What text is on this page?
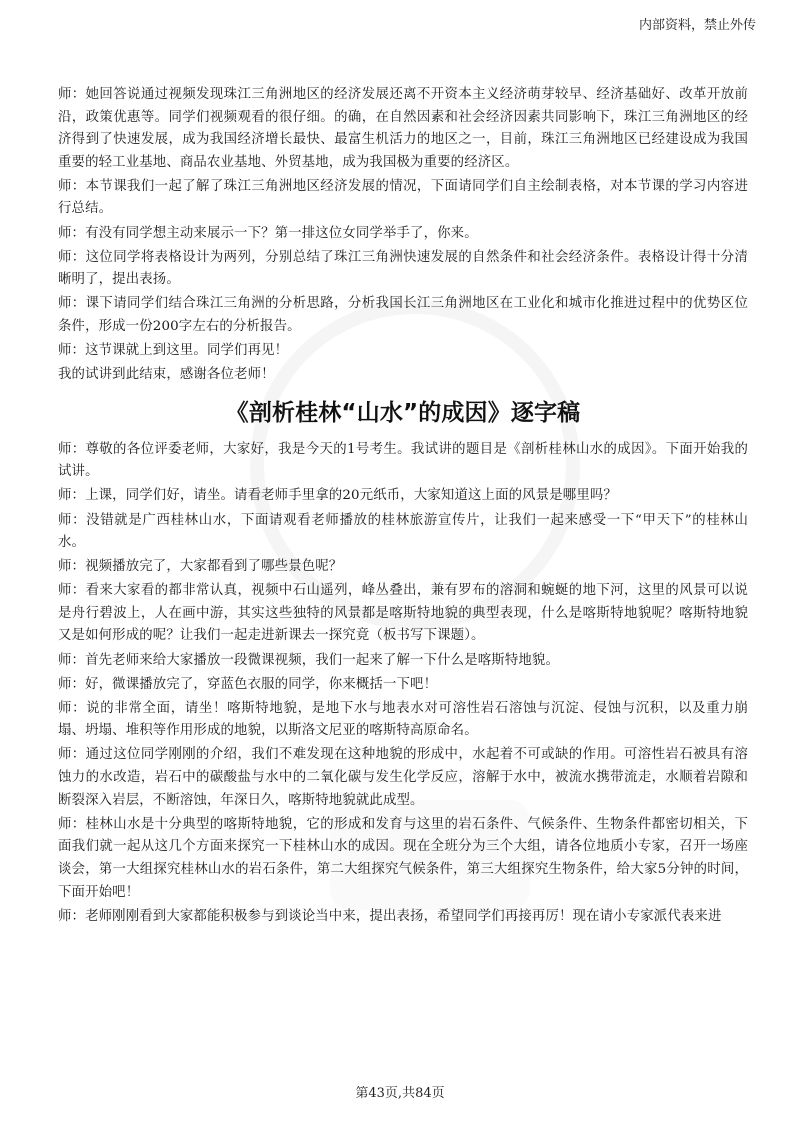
内部资料，禁止外传

师：她回答说通过视频发现珠江三角洲地区的经济发展还离不开资本主义经济萌芽较早、经济基础好、改革开放前沿，政策优惠等。同学们视频观看的很仔细。的确，在自然因素和社会经济因素共同影响下，珠江三角洲地区的经济得到了快速发展，成为我国经济增长最快、最富生机活力的地区之一，目前，珠江三角洲地区已经建设成为我国重要的轻工业基地、商品农业基地、外贸基地，成为我国极为重要的经济区。

师：本节课我们一起了解了珠江三角洲地区经济发展的情况，下面请同学们自主绘制表格，对本节课的学习内容进行总结。

师：有没有同学想主动来展示一下？第一排这位女同学举手了，你来。

师：这位同学将表格设计为两列，分别总结了珠江三角洲快速发展的自然条件和社会经济条件。表格设计得十分清晰明了，提出表扬。

师：课下请同学们结合珠江三角洲的分析思路，分析我国长江三角洲地区在工业化和城市化推进过程中的优势区位条件，形成一份200字左右的分析报告。

师：这节课就上到这里。同学们再见！

我的试讲到此结束，感谢各位老师！

《剖析桂林“山水”的成因》逐字稿

师：尊敬的各位评委老师，大家好，我是今天的1号考生。我试讲的题目是《剖析桂林山水的成因》。下面开始我的试讲。

师：上课，同学们好，请坐。请看老师手里拿的20元纸币，大家知道这上面的风景是哪里吗？

师：没错就是广西桂林山水，下面请观看老师播放的桂林旅游宣传片，让我们一起来感受一下“甲天下”的桂林山水。

师：视频播放完了，大家都看到了哪些景色呢？

师：看来大家看的都非常认真，视频中石山遥列，峰丛叠出，兼有罗布的溶洞和蜿蜒的地下河，这里的风景可以说是舟行碧波上，人在画中游，其实这些独特的风景都是喀斯特地貌的典型表现，什么是喀斯特地貌呢？喀斯特地貌又是如何形成的呢？让我们一起走进新课去一探究竟（板书写下课题）。

师：首先老师来给大家播放一段微课视频，我们一起来了解一下什么是喀斯特地貌。

师：好，微课播放完了，穿蓝色衣服的同学，你来概括一下吧！

师：说的非常全面，请坐！喀斯特地貌，是地下水与地表水对可溶性岩石溶蚀与沉淀、侵蚀与沉积，以及重力崩塌、坍塌、堆积等作用形成的地貌，以斯洛文尼亚的喀斯特高原命名。

师：通过这位同学刚刚的介绍，我们不难发现在这种地貌的形成中，水起着不可或缺的作用。可溶性岩石被具有溶蚀力的水改造，岩石中的碳酸盐与水中的二氧化碳与发生化学反应，溶解于水中，被流水携带流走，水顺着岩隙和断裂深入岩层，不断溶蚀，年深日久，喀斯特地貌就此成型。

师：桂林山水是十分典型的喀斯特地貌，它的形成和发育与这里的岩石条件、气候条件、生物条件都密切相关，下面我们就一起从这几个方面来探究一下桂林山水的成因。现在全班分为三个大组，请各位地质小专家，召开一场座谈会，第一大组探究桂林山水的岩石条件，第二大组探究气候条件，第三大组探究生物条件，给大家5分钟的时间，下面开始吧！

师：老师刚刚看到大家都能积极参与到谈论当中来，提出表扬，希望同学们再接再厉！现在请小专家派代表来进

第43页,共84页
